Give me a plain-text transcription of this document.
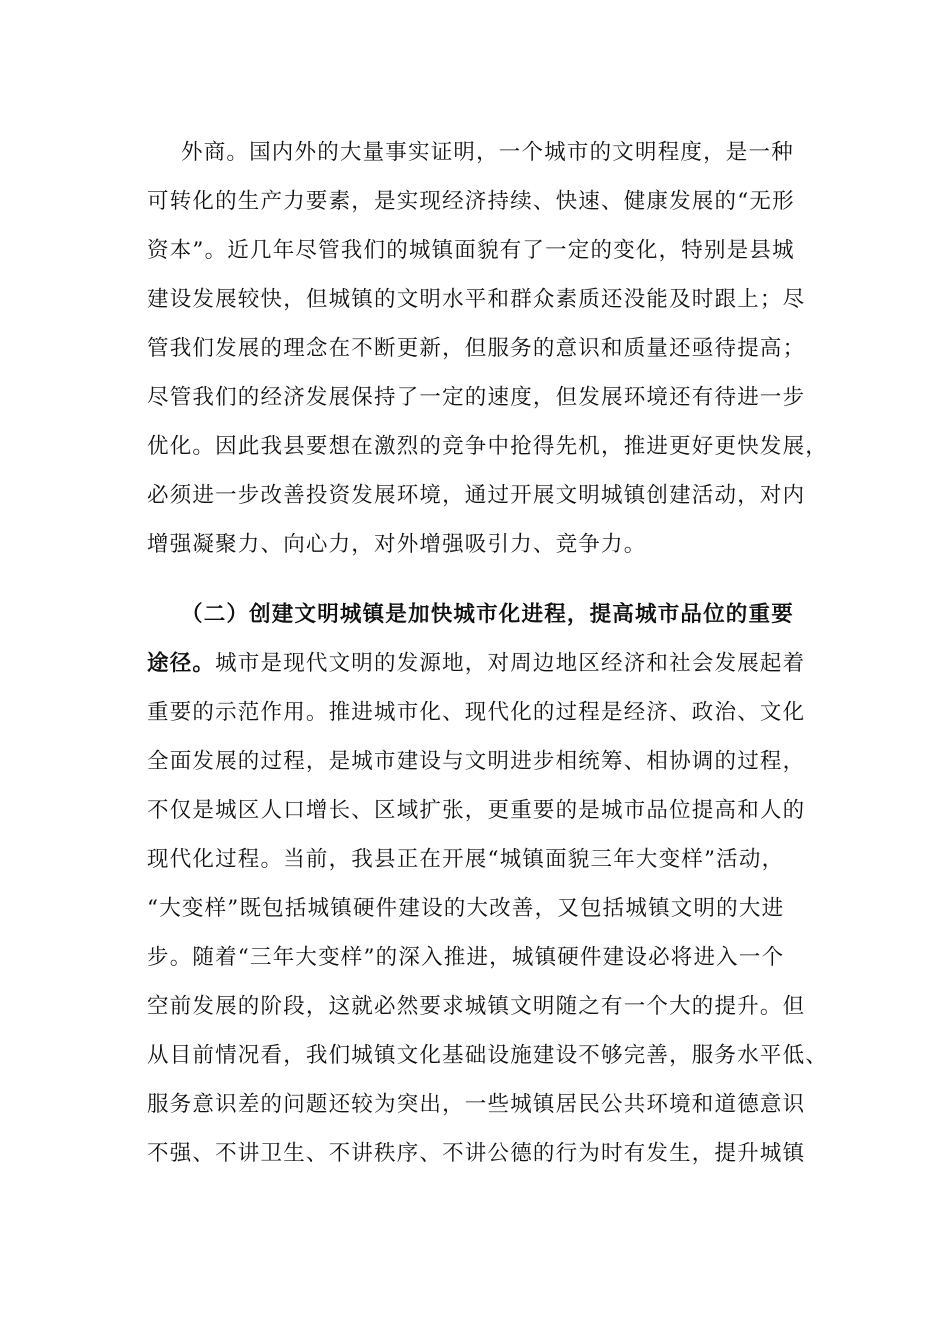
外商。国内外的大量事实证明，一个城市的文明程度，是一种
可转化的生产力要素，是实现经济持续、快速、健康发展的“无形
资本”。近几年尽管我们的城镇面貌有了一定的变化，特别是县城
建设发展较快，但城镇的文明水平和群众素质还没能及时跟上；尽
管我们发展的理念在不断更新，但服务的意识和质量还亟待提高；
尽管我们的经济发展保持了一定的速度，但发展环境还有待进一步
优化。因此我县要想在激烈的竞争中抢得先机，推进更好更快发展，
必须进一步改善投资发展环境，通过开展文明城镇创建活动，对内
增强凝聚力、向心力，对外增强吸引力、竞争力。
（二）创建文明城镇是加快城市化进程，提高城市品位的重要
途径。城市是现代文明的发源地，对周边地区经济和社会发展起着
重要的示范作用。推进城市化、现代化的过程是经济、政治、文化
全面发展的过程，是城市建设与文明进步相统筹、相协调的过程，
不仅是城区人口增长、区域扩张，更重要的是城市品位提高和人的
现代化过程。当前，我县正在开展“城镇面貌三年大变样”活动，
“大变样”既包括城镇硬件建设的大改善，又包括城镇文明的大进
步。随着“三年大变样”的深入推进，城镇硬件建设必将进入一个
空前发展的阶段，这就必然要求城镇文明随之有一个大的提升。但
从目前情况看，我们城镇文化基础设施建设不够完善，服务水平低、
服务意识差的问题还较为突出，一些城镇居民公共环境和道德意识
不强、不讲卫生、不讲秩序、不讲公德的行为时有发生，提升城镇
